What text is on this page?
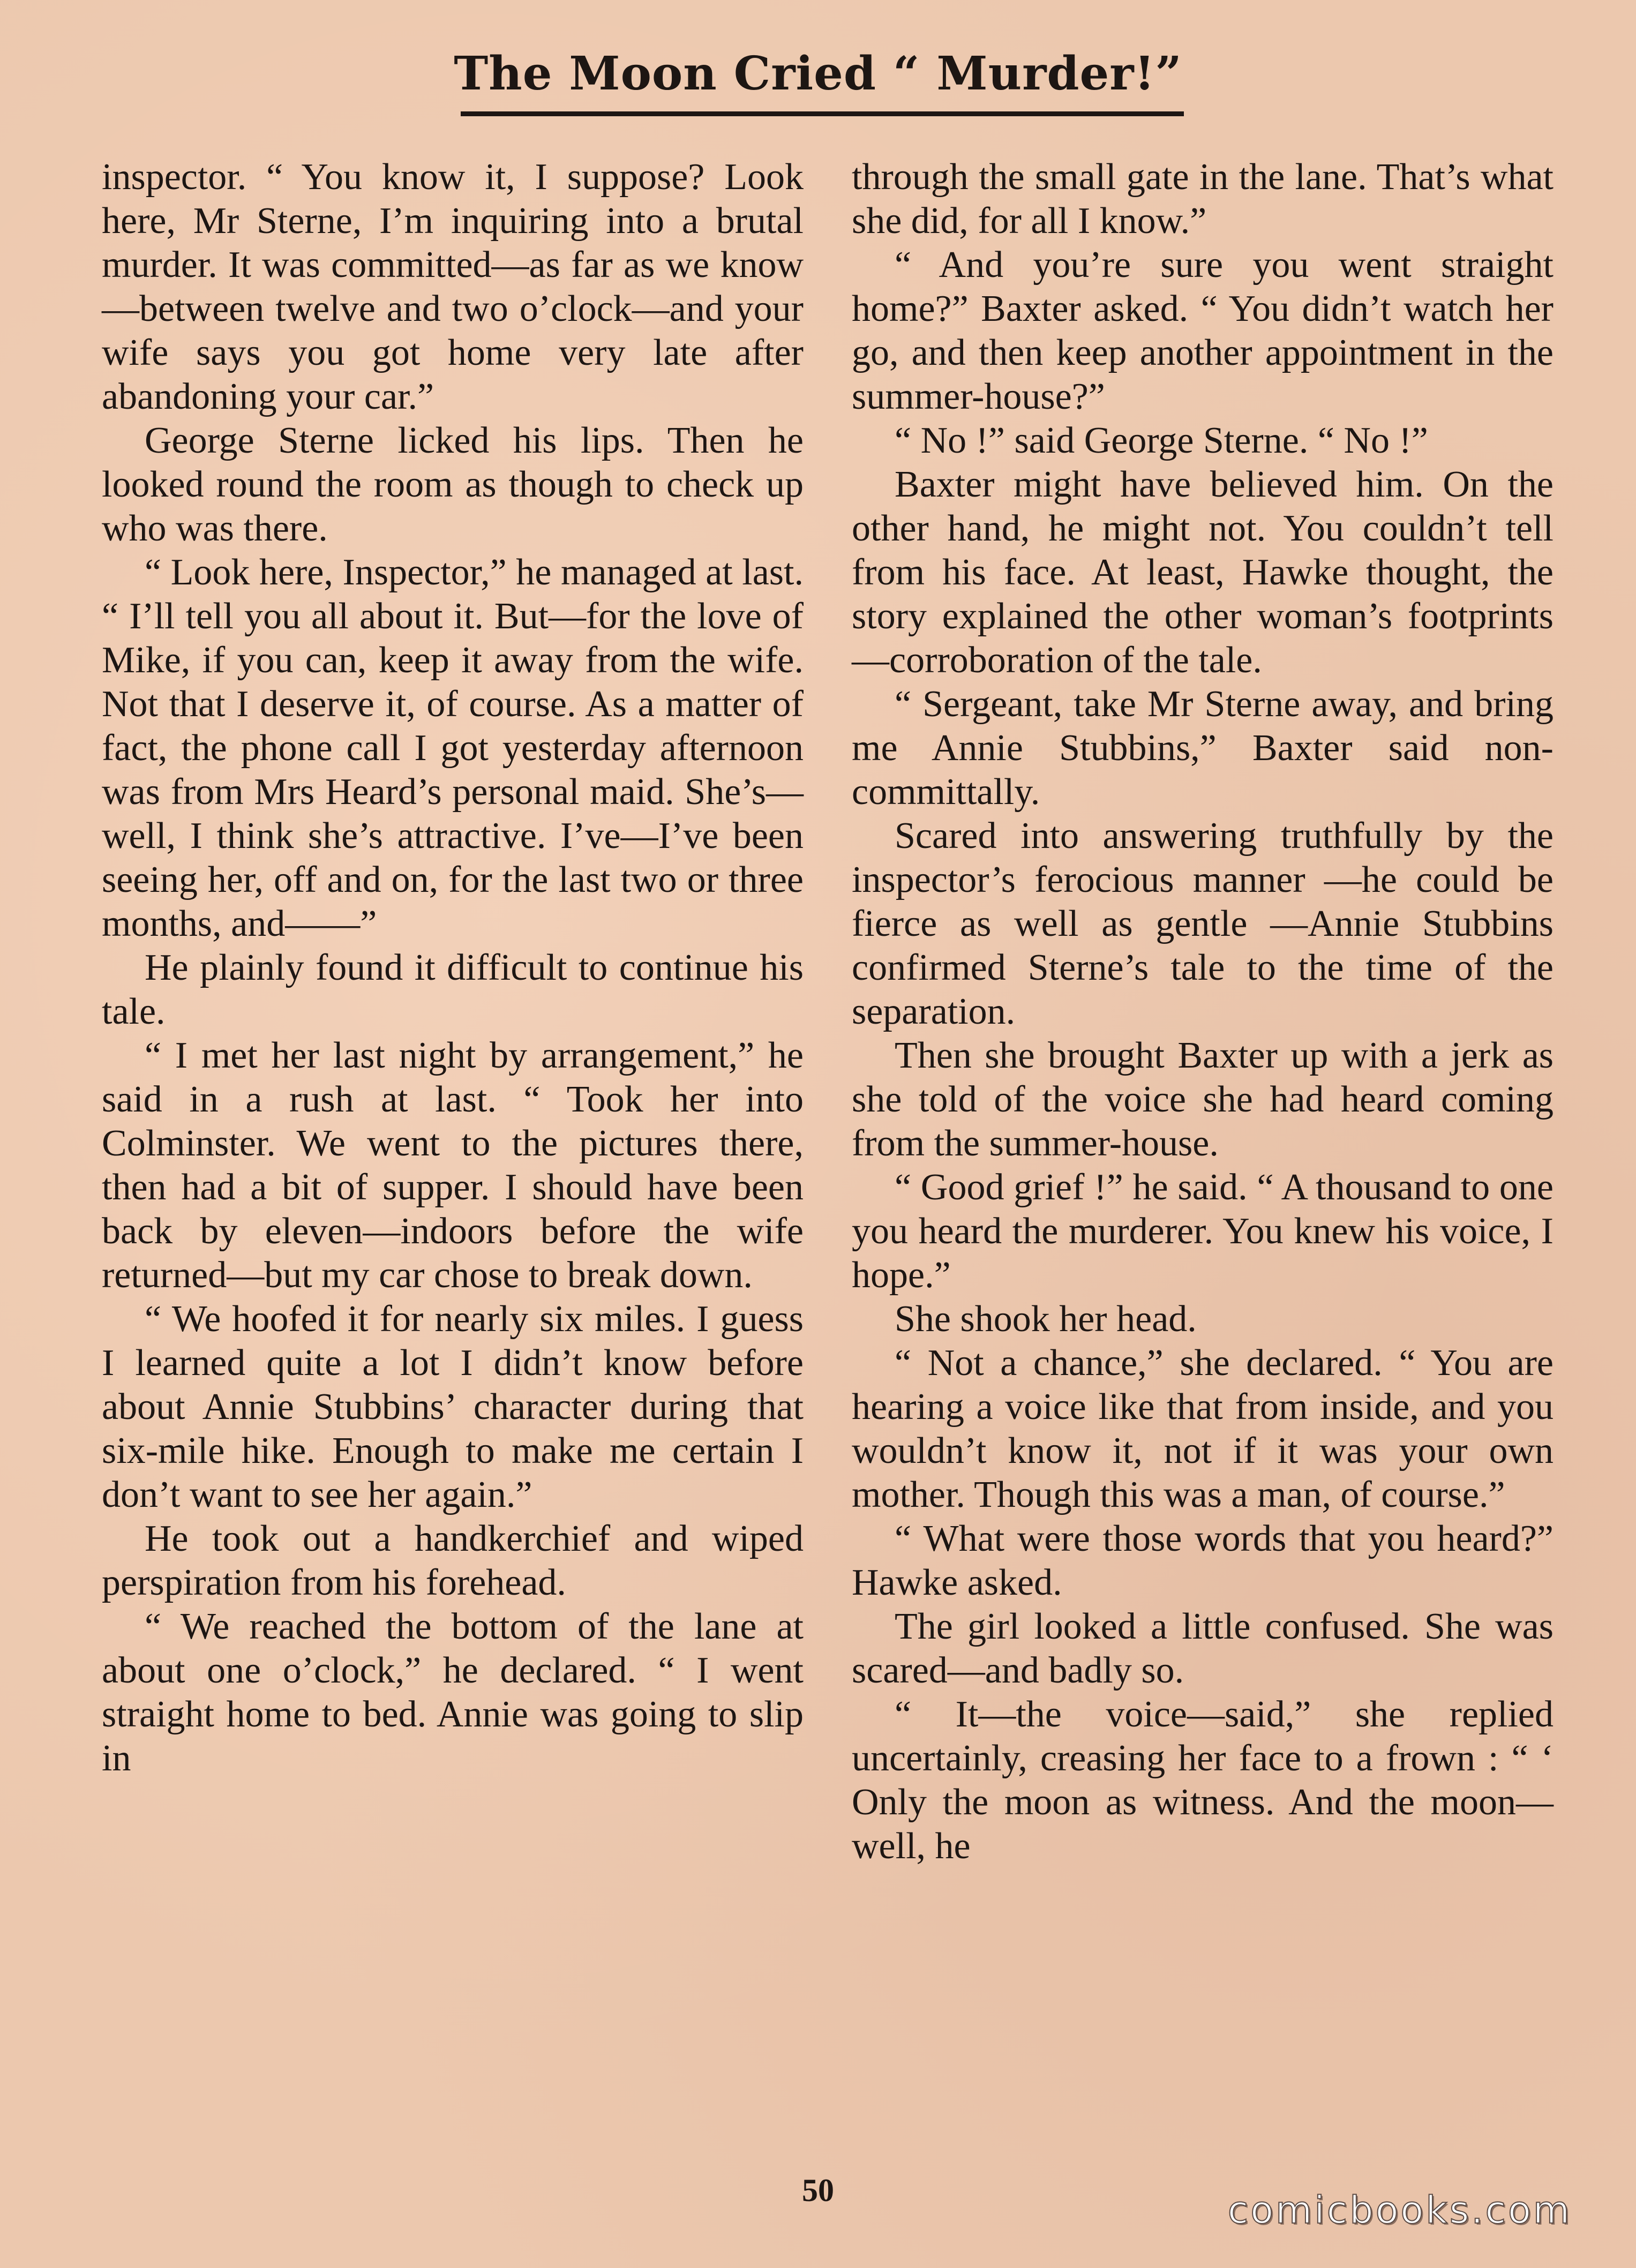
The Moon Cried “ Murder!”

inspector. “ You know it, I suppose? Look here, Mr Sterne, I’m inquiring into a brutal murder. It was committed—as far as we know—between twelve and two o’clock—and your wife says you got home very late after abandoning your car.”

George Sterne licked his lips. Then he looked round the room as though to check up who was there.

“ Look here, Inspector,” he managed at last. “ I’ll tell you all about it. But—for the love of Mike, if you can, keep it away from the wife. Not that I deserve it, of course. As a matter of fact, the phone call I got yesterday afternoon was from Mrs Heard’s personal maid. She’s—well, I think she’s attractive. I’ve—I’ve been seeing her, off and on, for the last two or three months, and——”

He plainly found it difficult to continue his tale.

“ I met her last night by arrangement,” he said in a rush at last. “ Took her into Colminster. We went to the pictures there, then had a bit of supper. I should have been back by eleven—indoors before the wife returned—but my car chose to break down.

“ We hoofed it for nearly six miles. I guess I learned quite a lot I didn’t know before about Annie Stubbins’ character during that six-mile hike. Enough to make me certain I don’t want to see her again.”

He took out a handkerchief and wiped perspiration from his forehead.

“ We reached the bottom of the lane at about one o’clock,” he declared. “ I went straight home to bed. Annie was going to slip in

through the small gate in the lane. That’s what she did, for all I know.”

“ And you’re sure you went straight home?” Baxter asked. “ You didn’t watch her go, and then keep another appointment in the summer-house?”

“ No !” said George Sterne. “ No !”

Baxter might have believed him. On the other hand, he might not. You couldn’t tell from his face. At least, Hawke thought, the story explained the other woman’s footprints—corroboration of the tale.

“ Sergeant, take Mr Sterne away, and bring me Annie Stubbins,” Baxter said non-committally.

Scared into answering truthfully by the inspector’s ferocious manner —he could be fierce as well as gentle —Annie Stubbins confirmed Sterne’s tale to the time of the separation.

Then she brought Baxter up with a jerk as she told of the voice she had heard coming from the summer-house.

“ Good grief !” he said. “ A thousand to one you heard the murderer. You knew his voice, I hope.”

She shook her head.

“ Not a chance,” she declared. “ You are hearing a voice like that from inside, and you wouldn’t know it, not if it was your own mother. Though this was a man, of course.”

“ What were those words that you heard?” Hawke asked.

The girl looked a little confused. She was scared—and badly so.

“ It—the voice—said,” she replied uncertainly, creasing her face to a frown : “ ‘ Only the moon as witness. And the moon—well, he

50	comicbooks.com
